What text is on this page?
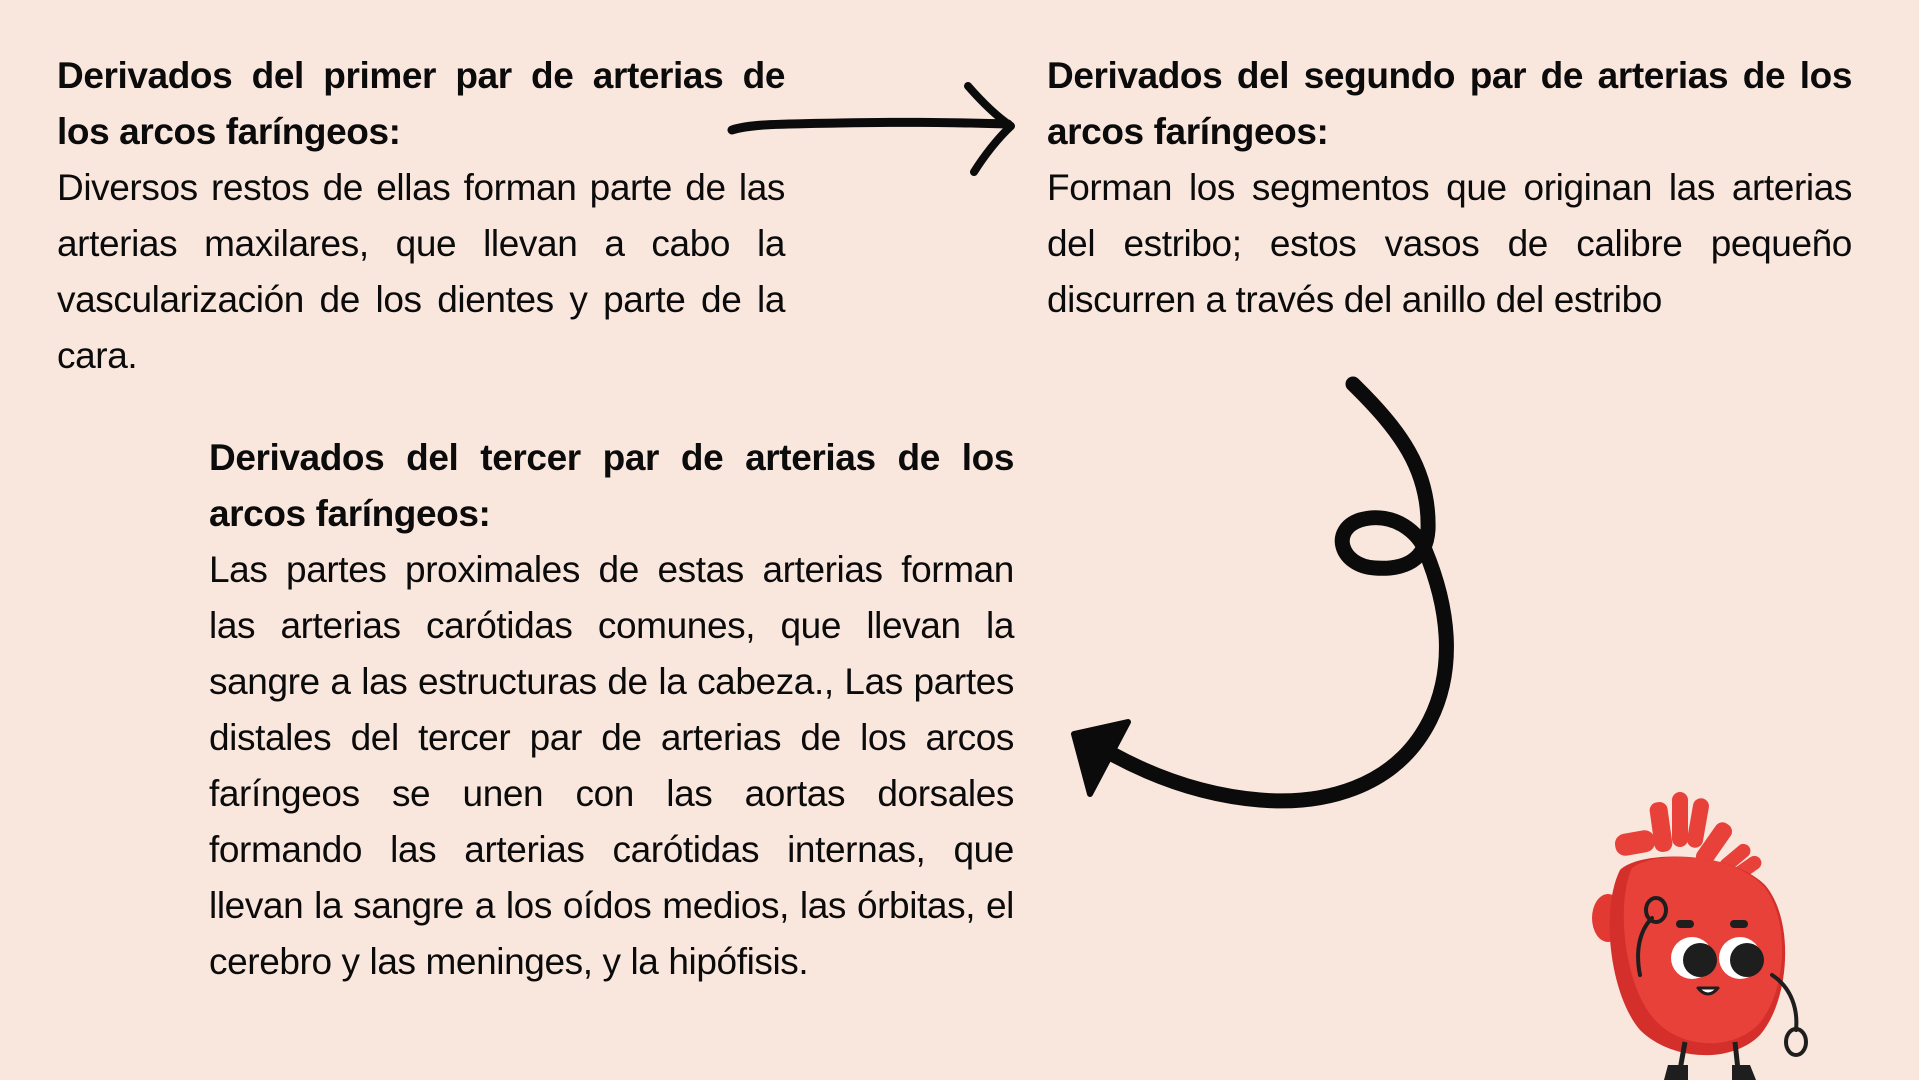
Derivados del primer par de arterias de los arcos faríngeos:
Diversos restos de ellas forman parte de las arterias maxilares, que llevan a cabo la vascularización de los dientes y parte de la cara.
Derivados del segundo par de arterias de los arcos faríngeos:
Forman los segmentos que originan las arterias del estribo; estos vasos de calibre pequeño discurren a través del anillo del estribo
Derivados del tercer par de arterias de los arcos faríngeos:
Las partes proximales de estas arterias forman las arterias carótidas comunes, que llevan la sangre a las estructuras de la cabeza., Las partes distales del tercer par de arterias de los arcos faríngeos se unen con las aortas dorsales formando las arterias carótidas internas, que llevan la sangre a los oídos medios, las órbitas, el cerebro y las meninges, y la hipófisis.
